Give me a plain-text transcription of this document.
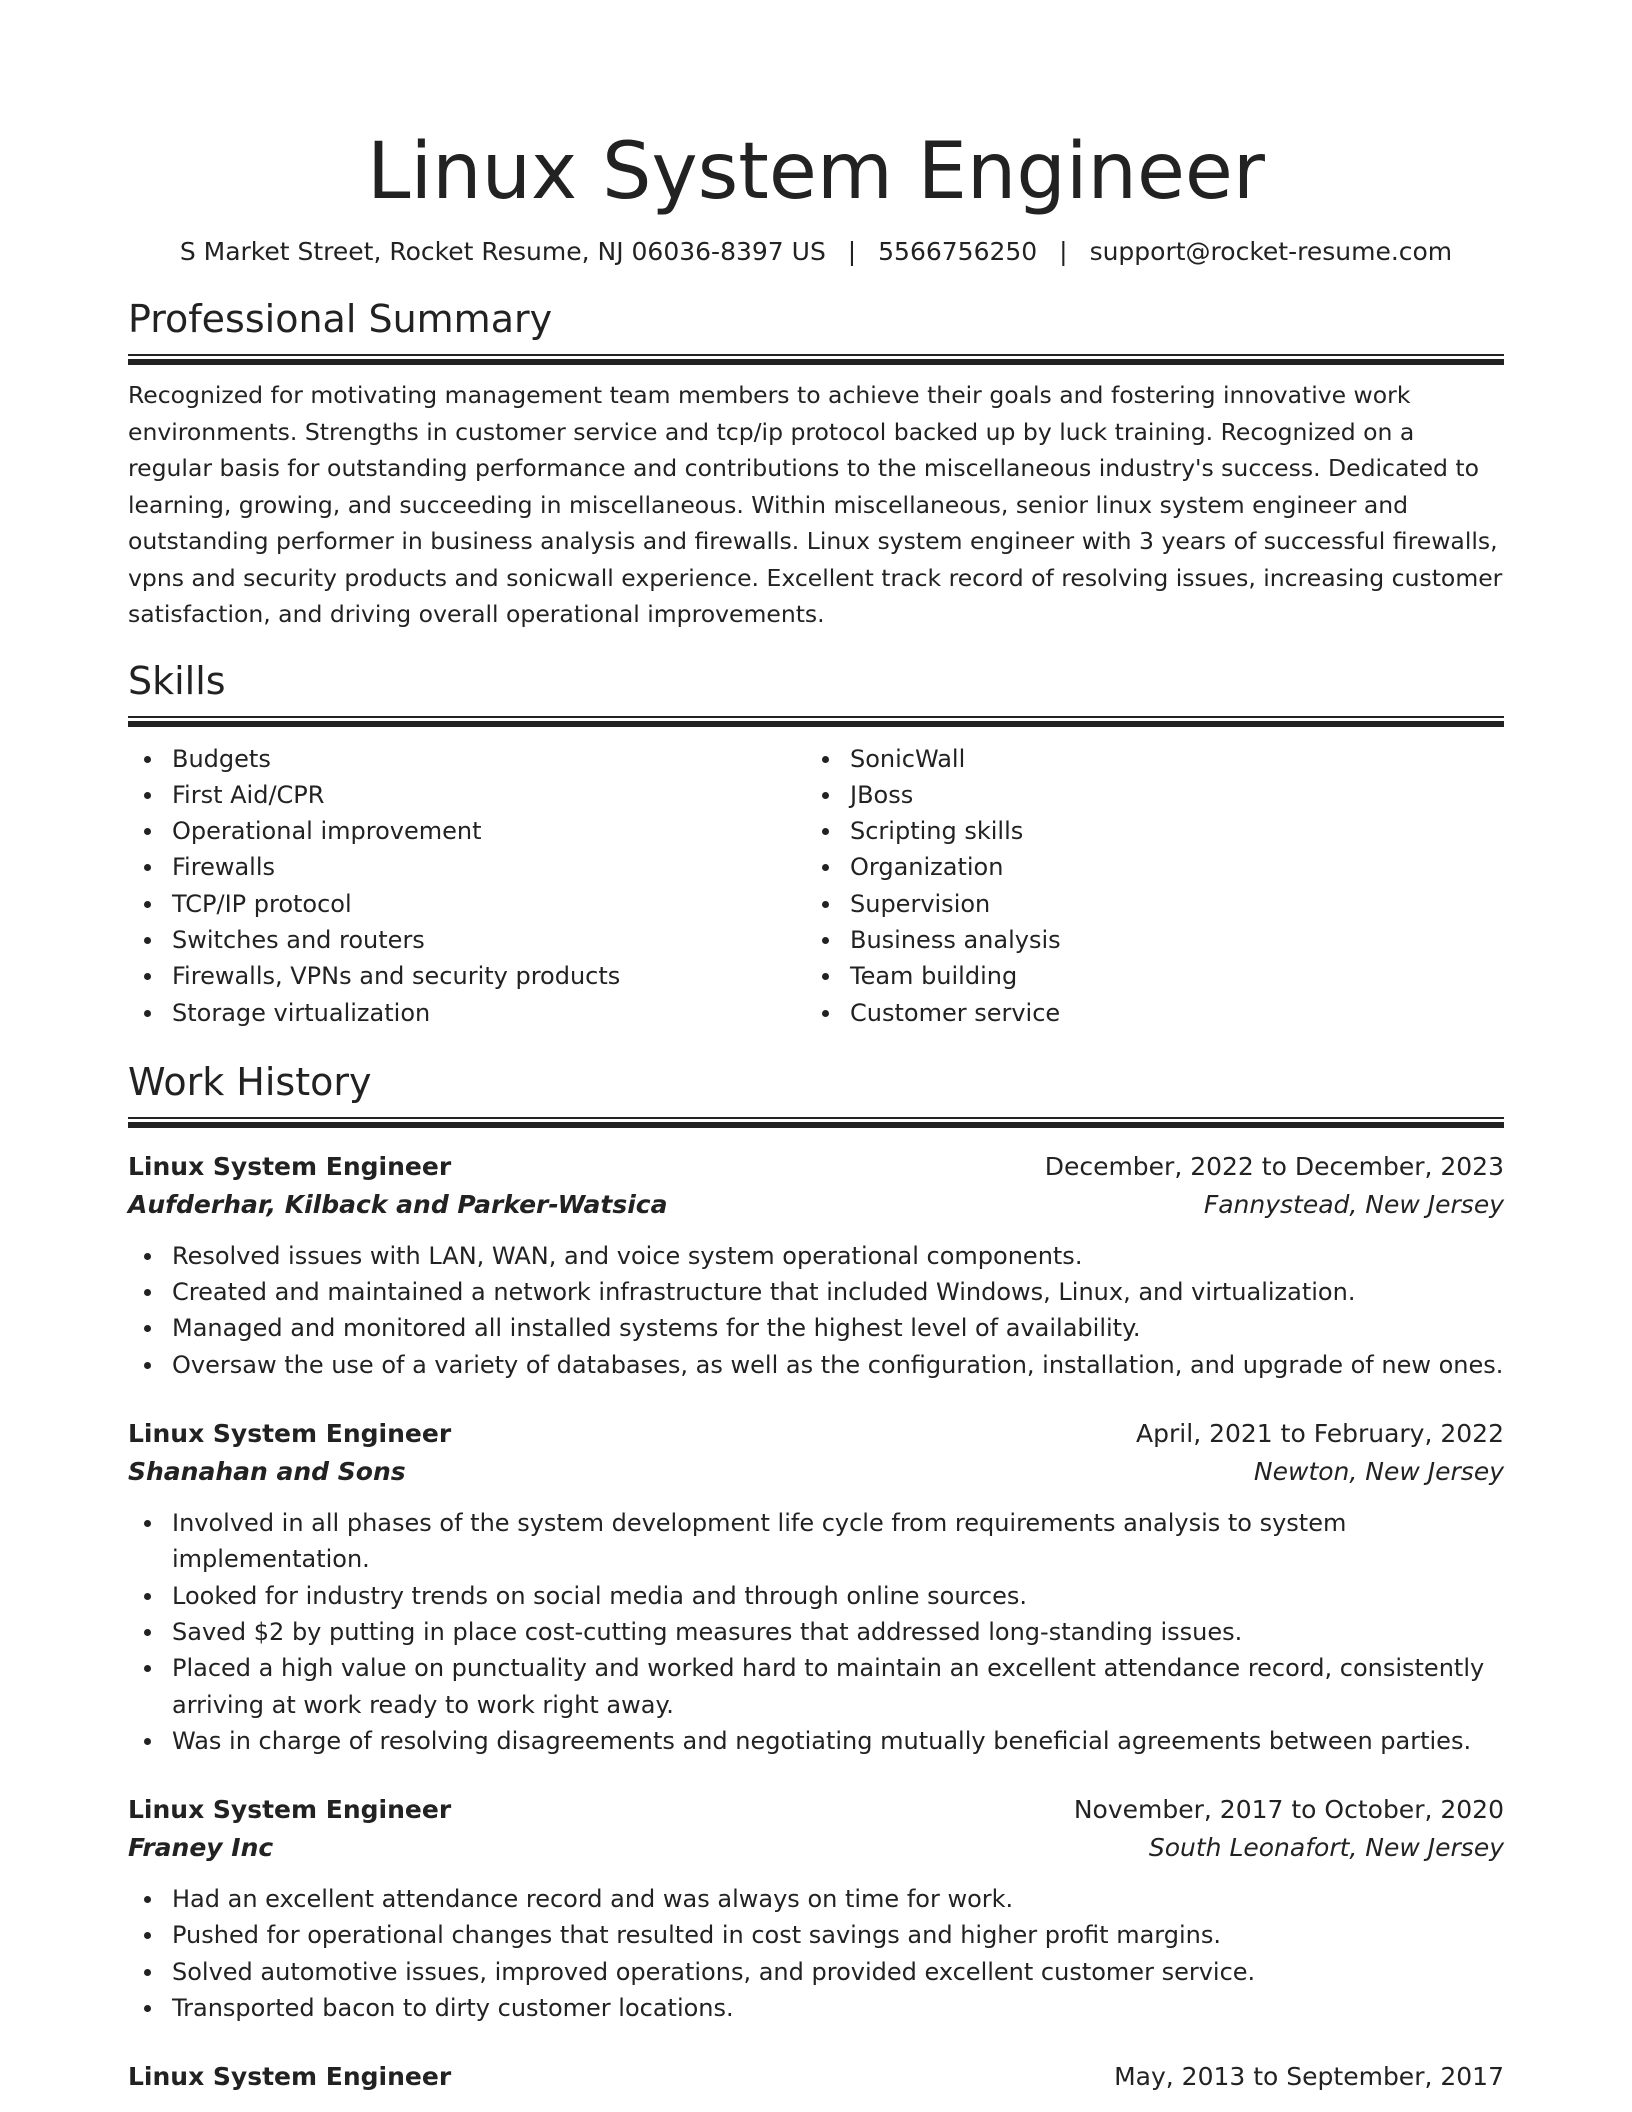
Linux System Engineer
S Market Street, Rocket Resume, NJ 06036-8397 US | 5566756250 | support@rocket-resume.com
Professional Summary
Recognized for motivating management team members to achieve their goals and fostering innovative work environments. Strengths in customer service and tcp/ip protocol backed up by luck training. Recognized on a regular basis for outstanding performance and contributions to the miscellaneous industry's success. Dedicated to learning, growing, and succeeding in miscellaneous. Within miscellaneous, senior linux system engineer and outstanding performer in business analysis and firewalls. Linux system engineer with 3 years of successful firewalls, vpns and security products and sonicwall experience. Excellent track record of resolving issues, increasing customer satisfaction, and driving overall operational improvements.
Skills
Budgets
First Aid/CPR
Operational improvement
Firewalls
TCP/IP protocol
Switches and routers
Firewalls, VPNs and security products
Storage virtualization
SonicWall
JBoss
Scripting skills
Organization
Supervision
Business analysis
Team building
Customer service
Work History
Linux System Engineer	December, 2022 to December, 2023
Aufderhar, Kilback and Parker-Watsica	Fannystead, New Jersey
Resolved issues with LAN, WAN, and voice system operational components.
Created and maintained a network infrastructure that included Windows, Linux, and virtualization.
Managed and monitored all installed systems for the highest level of availability.
Oversaw the use of a variety of databases, as well as the configuration, installation, and upgrade of new ones.
Linux System Engineer	April, 2021 to February, 2022
Shanahan and Sons	Newton, New Jersey
Involved in all phases of the system development life cycle from requirements analysis to system implementation.
Looked for industry trends on social media and through online sources.
Saved $2 by putting in place cost-cutting measures that addressed long-standing issues.
Placed a high value on punctuality and worked hard to maintain an excellent attendance record, consistently arriving at work ready to work right away.
Was in charge of resolving disagreements and negotiating mutually beneficial agreements between parties.
Linux System Engineer	November, 2017 to October, 2020
Franey Inc	South Leonafort, New Jersey
Had an excellent attendance record and was always on time for work.
Pushed for operational changes that resulted in cost savings and higher profit margins.
Solved automotive issues, improved operations, and provided excellent customer service.
Transported bacon to dirty customer locations.
Linux System Engineer	May, 2013 to September, 2017
